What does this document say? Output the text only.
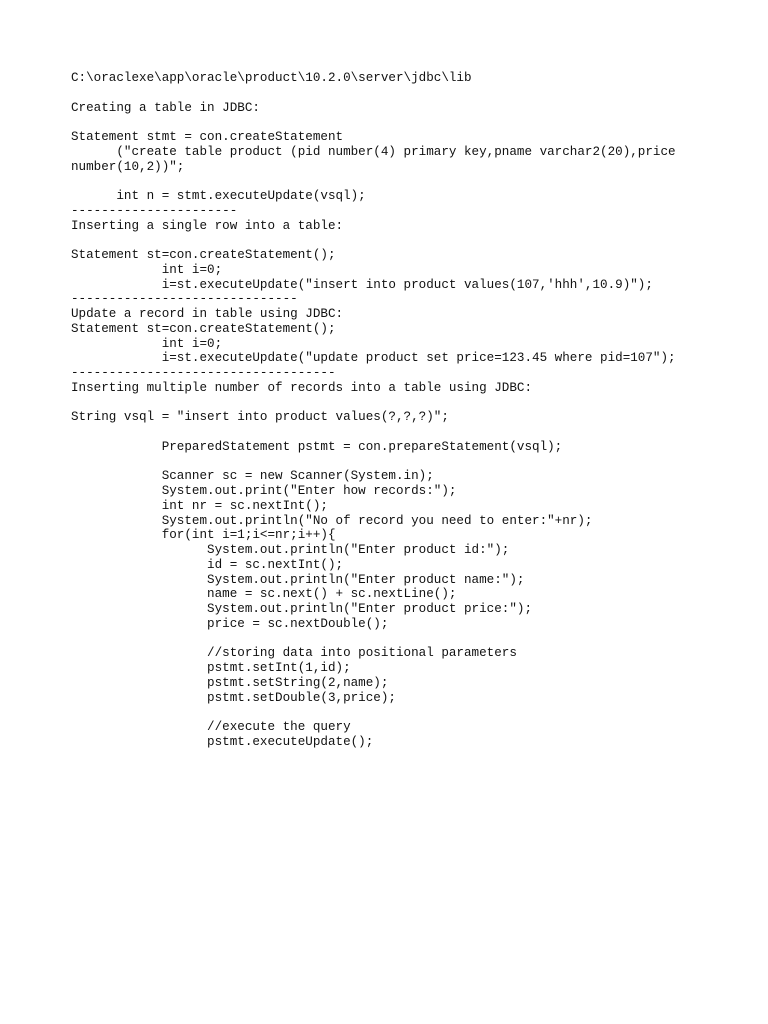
C:\oraclexe\app\oracle\product\10.2.0\server\jdbc\lib
Creating a table in JDBC:
Statement stmt = con.createStatement
("create table product (pid number(4) primary key,pname varchar2(20),price
number(10,2))";
int n = stmt.executeUpdate(vsql);
----------------------
Inserting a single row into a table:
Statement st=con.createStatement();
int i=0;
i=st.executeUpdate("insert into product values(107,'hhh',10.9)");
------------------------------
Update a record in table using JDBC:
Statement st=con.createStatement();
int i=0;
i=st.executeUpdate("update product set price=123.45 where pid=107");
-----------------------------------
Inserting multiple number of records into a table using JDBC:
String vsql = "insert into product values(?,?,?)";
PreparedStatement pstmt = con.prepareStatement(vsql);
Scanner sc = new Scanner(System.in);
System.out.print("Enter how records:");
int nr = sc.nextInt();
System.out.println("No of record you need to enter:"+nr);
for(int i=1;i<=nr;i++){
System.out.println("Enter product id:");
id = sc.nextInt();
System.out.println("Enter product name:");
name = sc.next() + sc.nextLine();
System.out.println("Enter product price:");
price = sc.nextDouble();
//storing data into positional parameters
pstmt.setInt(1,id);
pstmt.setString(2,name);
pstmt.setDouble(3,price);
//execute the query
pstmt.executeUpdate();
